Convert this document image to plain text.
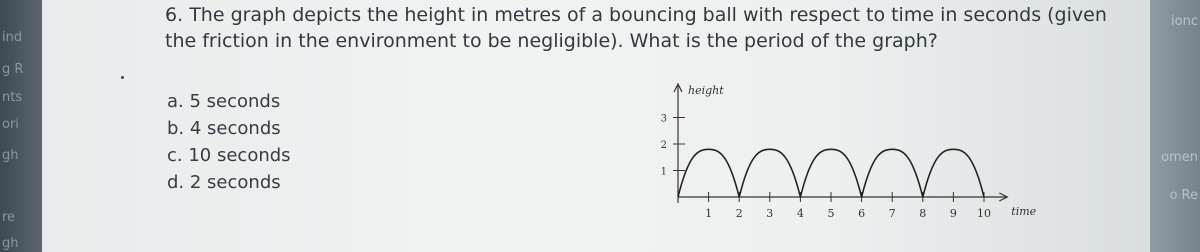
ind
g R
nts
ori
gh
re
gh
6. The graph depicts the height in metres of a bouncing ball with respect to time in seconds (given the friction in the environment to be negligible). What is the period of the graph?
a. 5 seconds
b. 4 seconds
c. 10 seconds
d. 2 seconds
1 2 3 4 5 6 7 8 9 10
1
2
3
height
time
ionc
omen
o Re
